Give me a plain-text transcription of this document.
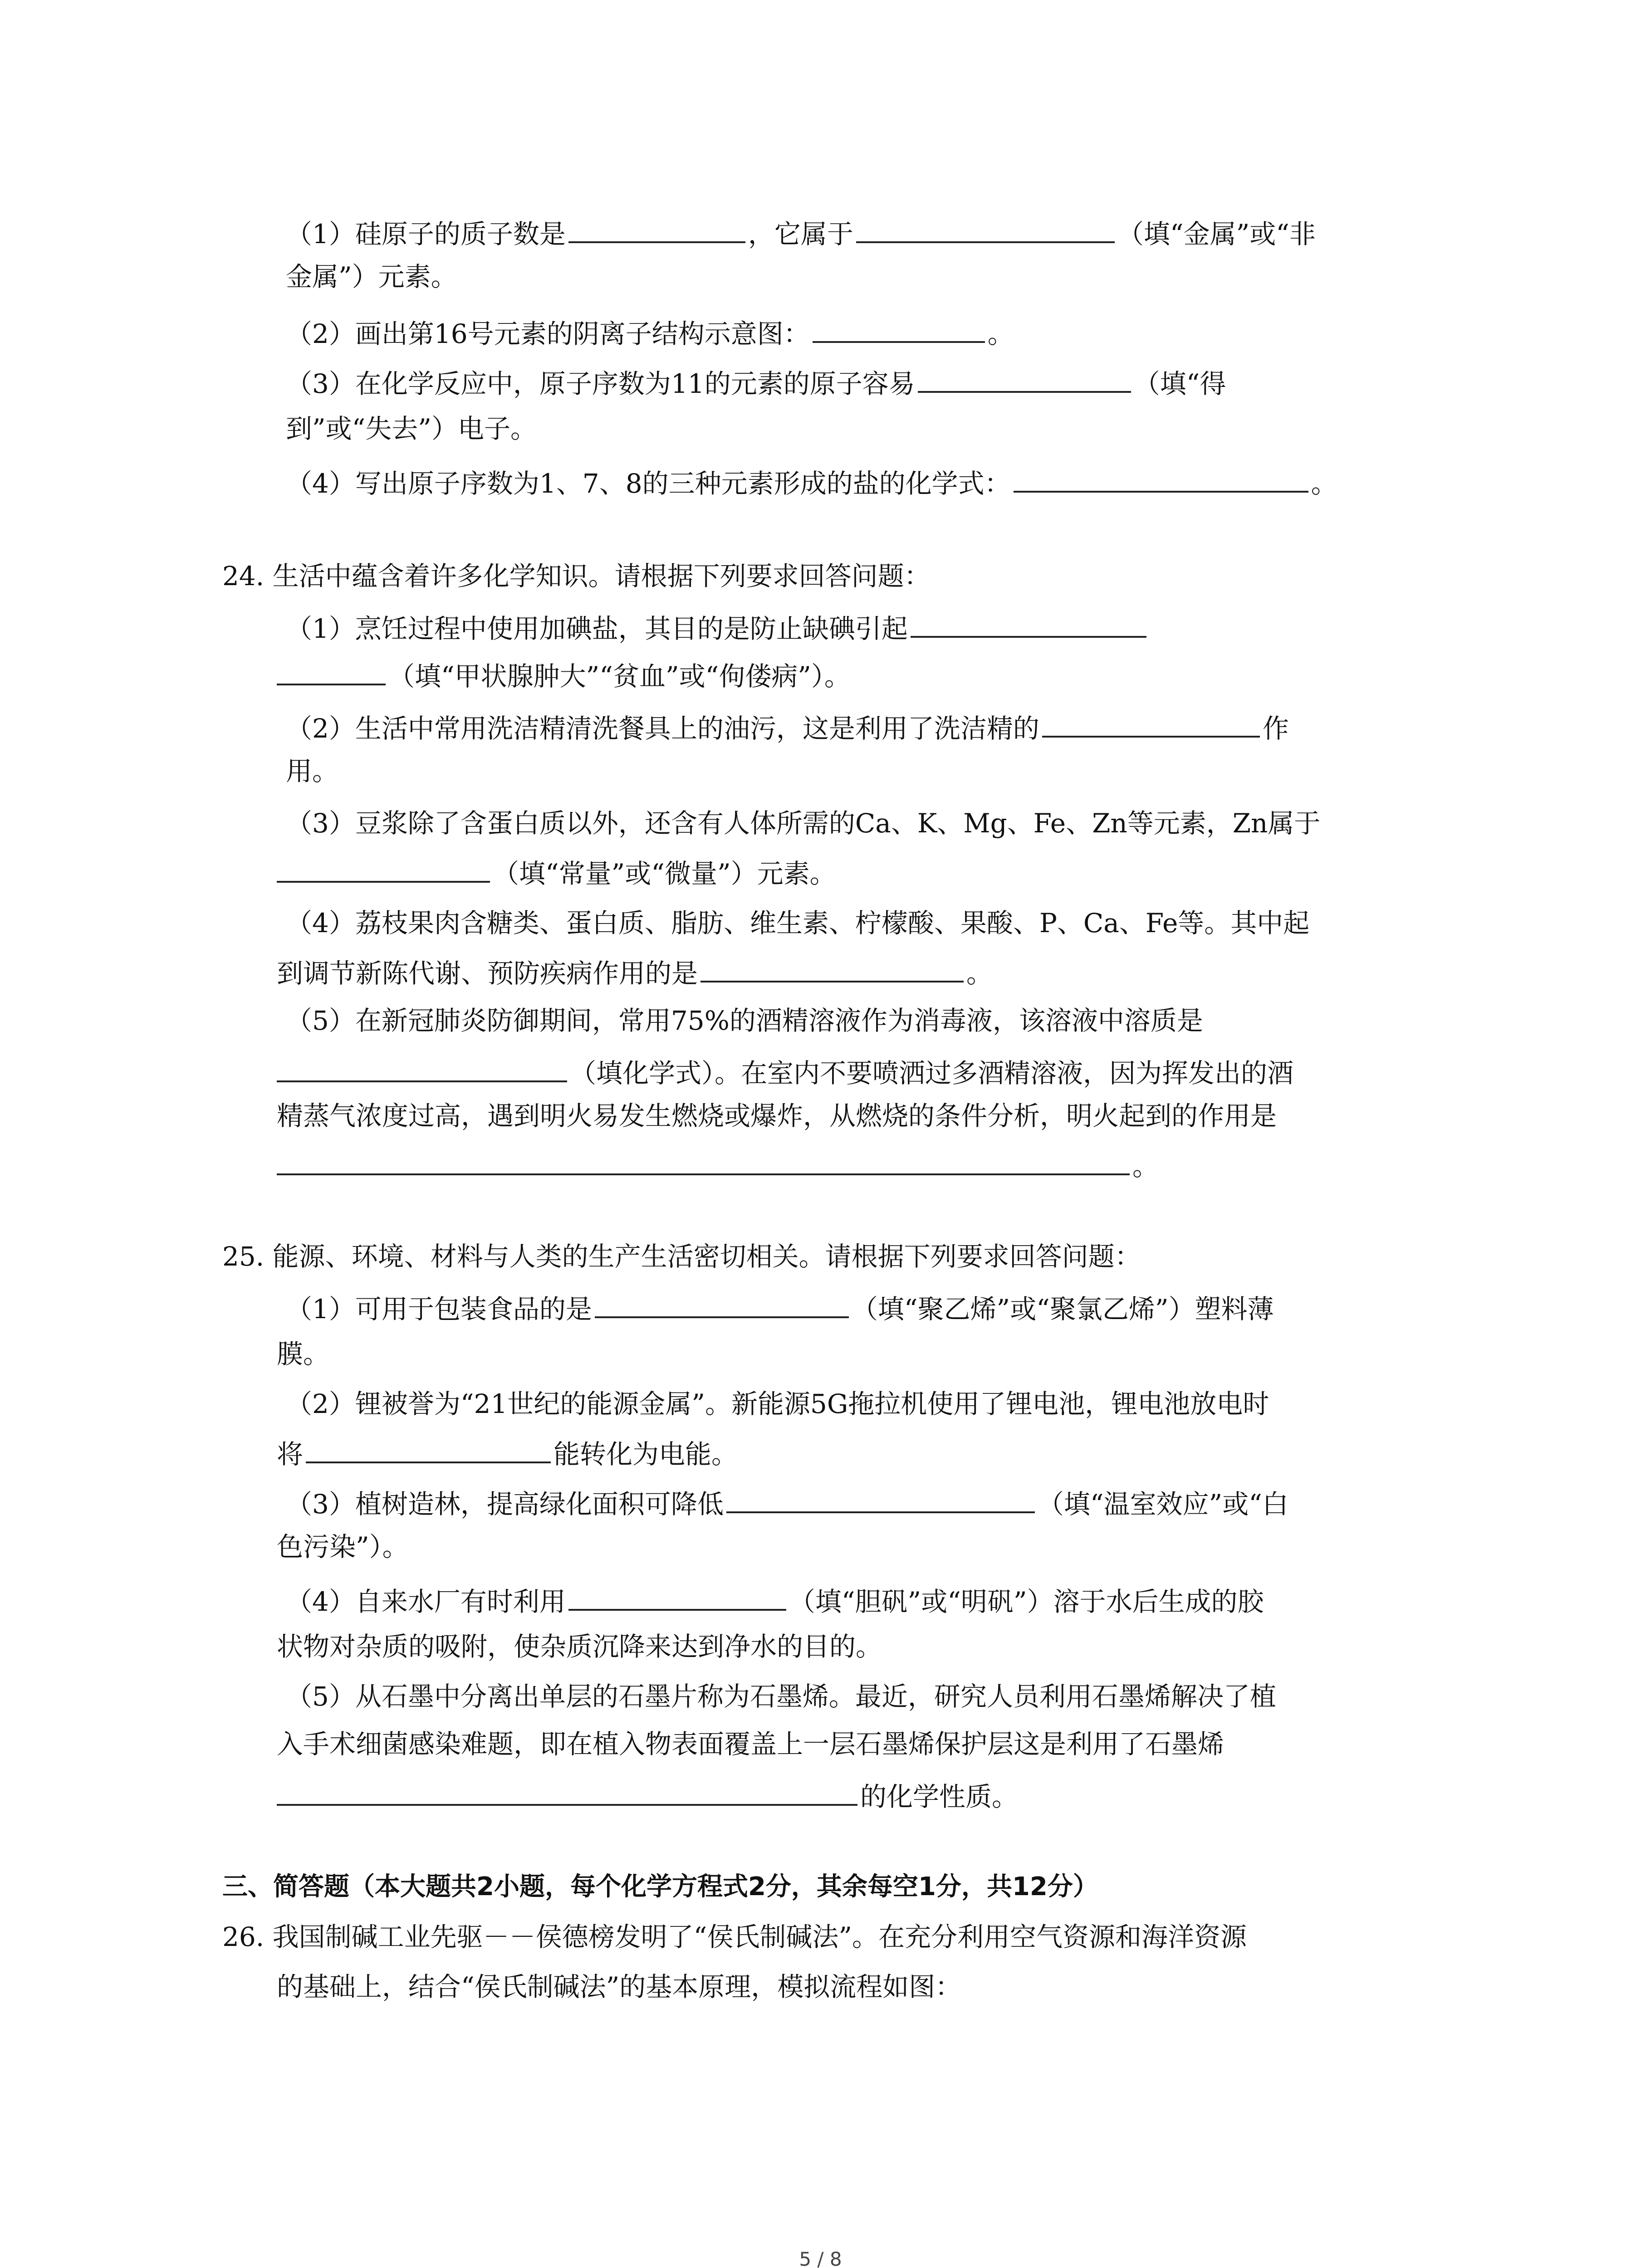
（1）硅原子的质子数是	，它属于	（填“金属”或“非
金属”）元素。
（2）画出第16号元素的阴离子结构示意图：	。
（3）在化学反应中，原子序数为11的元素的原子容易	（填“得
到”或“失去”）电子。
（4）写出原子序数为1、7、8的三种元素形成的盐的化学式：	。
24. 生活中蕴含着许多化学知识。请根据下列要求回答问题：
（1）烹饪过程中使用加碘盐，其目的是防止缺碘引起
（填“甲状腺肿大”“贫血”或“佝偻病”）。
（2）生活中常用洗洁精清洗餐具上的油污，这是利用了洗洁精的	作
用。
（3）豆浆除了含蛋白质以外，还含有人体所需的Ca、K、Mg、Fe、Zn等元素，Zn属于
（填“常量”或“微量”）元素。
（4）荔枝果肉含糖类、蛋白质、脂肪、维生素、柠檬酸、果酸、P、Ca、Fe等。其中起
到调节新陈代谢、预防疾病作用的是	。
（5）在新冠肺炎防御期间，常用75%的酒精溶液作为消毒液，该溶液中溶质是
（填化学式）。在室内不要喷洒过多酒精溶液，因为挥发出的酒
精蒸气浓度过高，遇到明火易发生燃烧或爆炸，从燃烧的条件分析，明火起到的作用是
。
25. 能源、环境、材料与人类的生产生活密切相关。请根据下列要求回答问题：
（1）可用于包装食品的是	（填“聚乙烯”或“聚氯乙烯”）塑料薄
膜。
（2）锂被誉为“21世纪的能源金属”。新能源5G拖拉机使用了锂电池，锂电池放电时
将	能转化为电能。
（3）植树造林，提高绿化面积可降低	（填“温室效应”或“白
色污染”）。
（4）自来水厂有时利用	（填“胆矾”或“明矾”）溶于水后生成的胶
状物对杂质的吸附，使杂质沉降来达到净水的目的。
（5）从石墨中分离出单层的石墨片称为石墨烯。最近，研究人员利用石墨烯解决了植
入手术细菌感染难题，即在植入物表面覆盖上一层石墨烯保护层这是利用了石墨烯
的化学性质。
三、简答题（本大题共2小题，每个化学方程式2分，其余每空1分，共12分）
26. 我国制碱工业先驱－－侯德榜发明了“侯氏制碱法”。在充分利用空气资源和海洋资源
的基础上，结合“侯氏制碱法”的基本原理，模拟流程如图：
5 / 8
